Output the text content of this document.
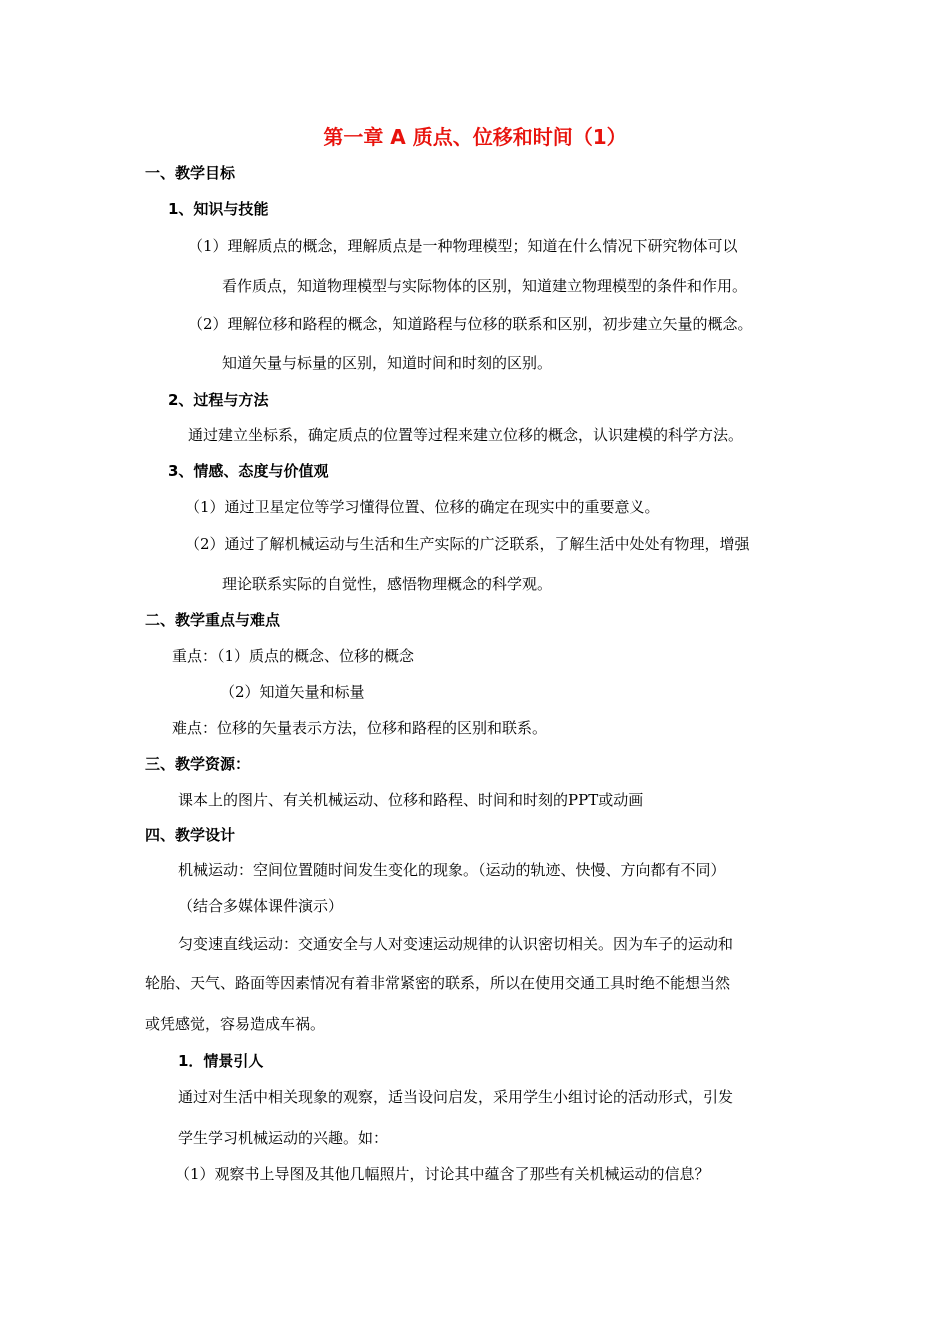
第一章 A 质点、位移和时间（1）
一、教学目标
1、知识与技能
（1）理解质点的概念，理解质点是一种物理模型；知道在什么情况下研究物体可以
看作质点，知道物理模型与实际物体的区别，知道建立物理模型的条件和作用。
（2）理解位移和路程的概念，知道路程与位移的联系和区别，初步建立矢量的概念。
知道矢量与标量的区别，知道时间和时刻的区别。
2、过程与方法
通过建立坐标系，确定质点的位置等过程来建立位移的概念，认识建模的科学方法。
3、情感、态度与价值观
（1）通过卫星定位等学习懂得位置、位移的确定在现实中的重要意义。
（2）通过了解机械运动与生活和生产实际的广泛联系，了解生活中处处有物理，增强
理论联系实际的自觉性，感悟物理概念的科学观。
二、教学重点与难点
重点：（1）质点的概念、位移的概念
（2）知道矢量和标量
难点：位移的矢量表示方法，位移和路程的区别和联系。
三、教学资源：
课本上的图片、有关机械运动、位移和路程、时间和时刻的PPT或动画
四、教学设计
机械运动：空间位置随时间发生变化的现象。（运动的轨迹、快慢、方向都有不同）
（结合多媒体课件演示）
匀变速直线运动：交通安全与人对变速运动规律的认识密切相关。因为车子的运动和
轮胎、天气、路面等因素情况有着非常紧密的联系，所以在使用交通工具时绝不能想当然
或凭感觉，容易造成车祸。
1．情景引人
通过对生活中相关现象的观察，适当设问启发，采用学生小组讨论的活动形式，引发
学生学习机械运动的兴趣。如：
（1）观察书上导图及其他几幅照片，讨论其中蕴含了那些有关机械运动的信息？
